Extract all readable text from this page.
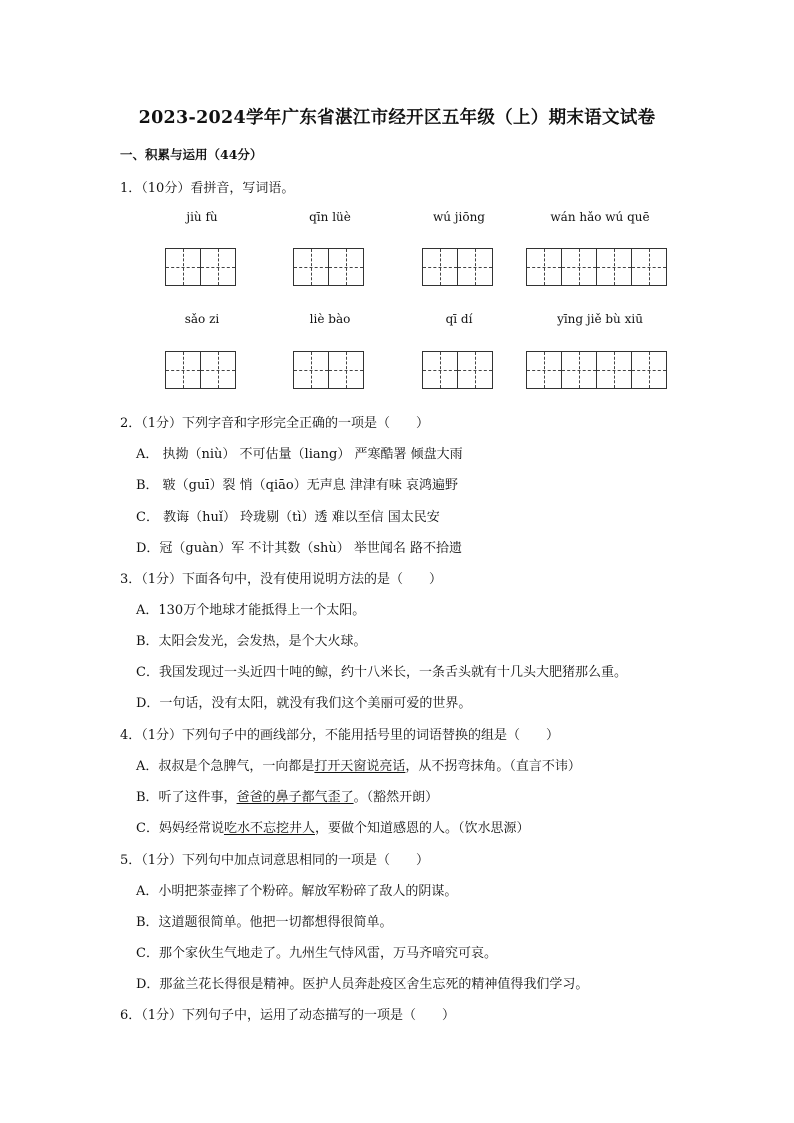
2023-2024学年广东省湛江市经开区五年级（上）期末语文试卷
一、积累与运用（44分）
1．（10分）看拼音，写词语。
jiù fù	qīn lüè	wú jiōng	wán hǎo wú quē
sǎo zi	liè bào	qī dí	yīng jiě bù xiū
2．（1分）下列字音和字形完全正确的一项是（　　）
A． 执拗（niù） 不可估量（liang） 严寒酷署 倾盘大雨
B． 皲（guī）裂 悄（qiāo）无声息 津津有味 哀鸿遍野
C． 教诲（huǐ） 玲珑剔（tì）透 难以至信 国太民安
D．冠（guàn）军 不计其数（shù） 举世闻名 路不拾遗
3．（1分）下面各句中，没有使用说明方法的是（　　）
A．130万个地球才能抵得上一个太阳。
B．太阳会发光，会发热，是个大火球。
C．我国发现过一头近四十吨的鲸，约十八米长，一条舌头就有十几头大肥猪那么重。
D．一句话，没有太阳，就没有我们这个美丽可爱的世界。
4．（1分）下列句子中的画线部分，不能用括号里的词语替换的组是（　　）
A．叔叔是个急脾气，一向都是打开天窗说亮话，从不拐弯抹角。（直言不讳）
B．听了这件事，爸爸的鼻子都气歪了。（豁然开朗）
C．妈妈经常说吃水不忘挖井人，要做个知道感恩的人。（饮水思源）
5．（1分）下列句中加点词意思相同的一项是（　　）
A．小明把茶壶摔了个粉碎。解放军粉碎了敌人的阴谋。
B．这道题很简单。他把一切都想得很简单。
C．那个家伙生气地走了。九州生气恃风雷，万马齐喑究可哀。
D．那盆兰花长得很是精神。医护人员奔赴疫区舍生忘死的精神值得我们学习。
6．（1分）下列句子中，运用了动态描写的一项是（　　）
